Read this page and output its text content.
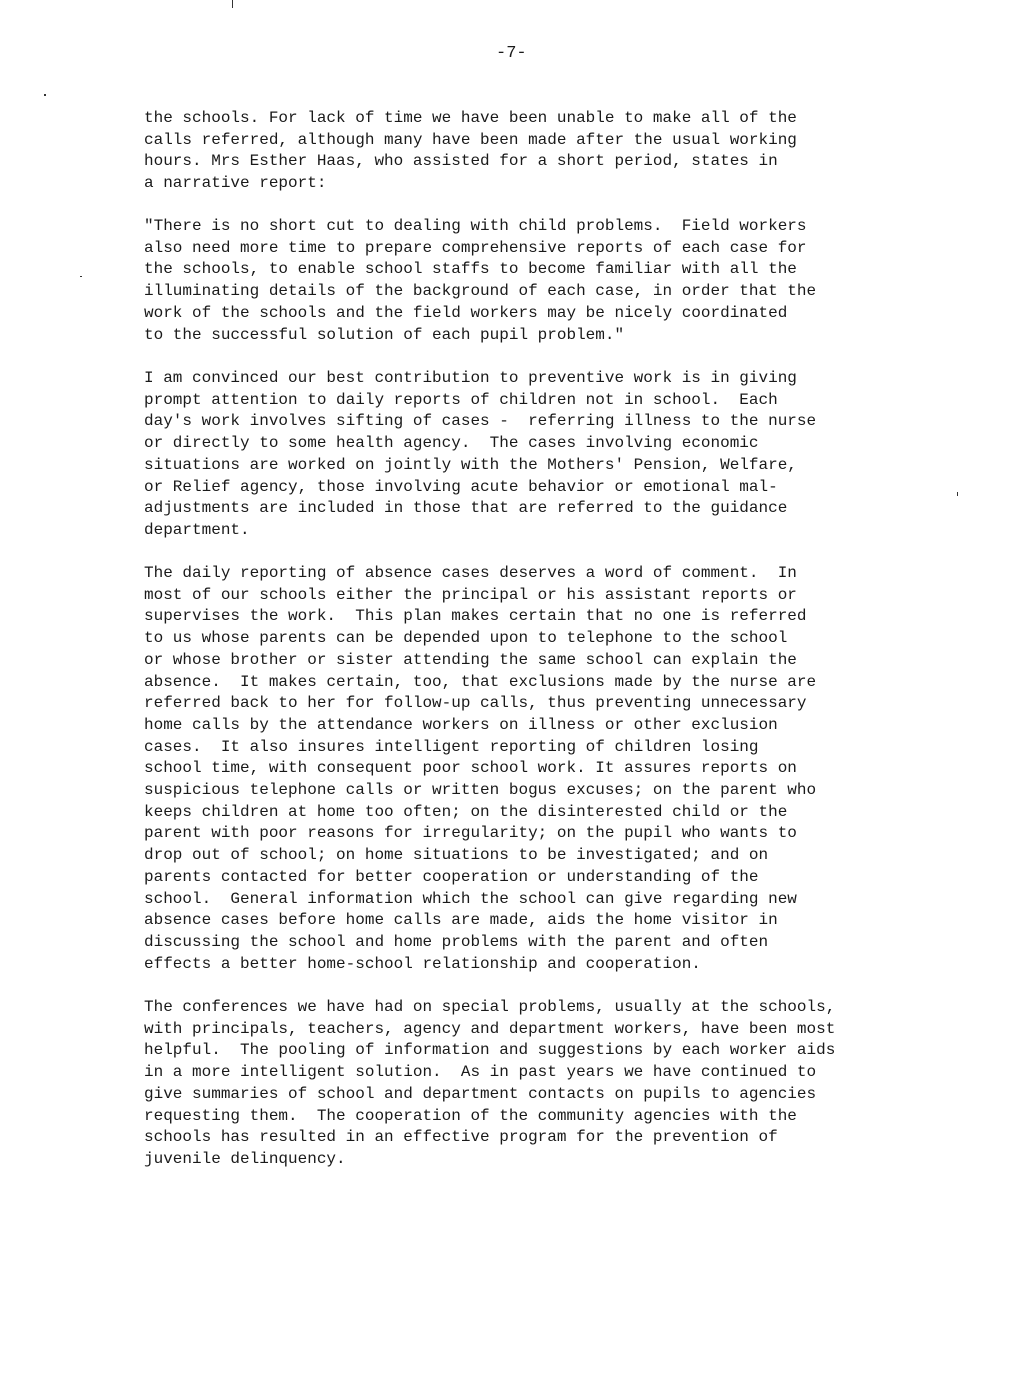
-7-

the schools. For lack of time we have been unable to make all of the
calls referred, although many have been made after the usual working
hours. Mrs Esther Haas, who assisted for a short period, states in
a narrative report:

"There is no short cut to dealing with child problems.  Field workers
also need more time to prepare comprehensive reports of each case for
the schools, to enable school staffs to become familiar with all the
illuminating details of the background of each case, in order that the
work of the schools and the field workers may be nicely coordinated
to the successful solution of each pupil problem."

I am convinced our best contribution to preventive work is in giving
prompt attention to daily reports of children not in school.  Each
day's work involves sifting of cases -  referring illness to the nurse
or directly to some health agency.  The cases involving economic
situations are worked on jointly with the Mothers' Pension, Welfare,
or Relief agency, those involving acute behavior or emotional mal-
adjustments are included in those that are referred to the guidance
department.

The daily reporting of absence cases deserves a word of comment.  In
most of our schools either the principal or his assistant reports or
supervises the work.  This plan makes certain that no one is referred
to us whose parents can be depended upon to telephone to the school
or whose brother or sister attending the same school can explain the
absence.  It makes certain, too, that exclusions made by the nurse are
referred back to her for follow-up calls, thus preventing unnecessary
home calls by the attendance workers on illness or other exclusion
cases.  It also insures intelligent reporting of children losing
school time, with consequent poor school work. It assures reports on
suspicious telephone calls or written bogus excuses; on the parent who
keeps children at home too often; on the disinterested child or the
parent with poor reasons for irregularity; on the pupil who wants to
drop out of school; on home situations to be investigated; and on
parents contacted for better cooperation or understanding of the
school.  General information which the school can give regarding new
absence cases before home calls are made, aids the home visitor in
discussing the school and home problems with the parent and often
effects a better home-school relationship and cooperation.

The conferences we have had on special problems, usually at the schools,
with principals, teachers, agency and department workers, have been most
helpful.  The pooling of information and suggestions by each worker aids
in a more intelligent solution.  As in past years we have continued to
give summaries of school and department contacts on pupils to agencies
requesting them.  The cooperation of the community agencies with the
schools has resulted in an effective program for the prevention of
juvenile delinquency.
